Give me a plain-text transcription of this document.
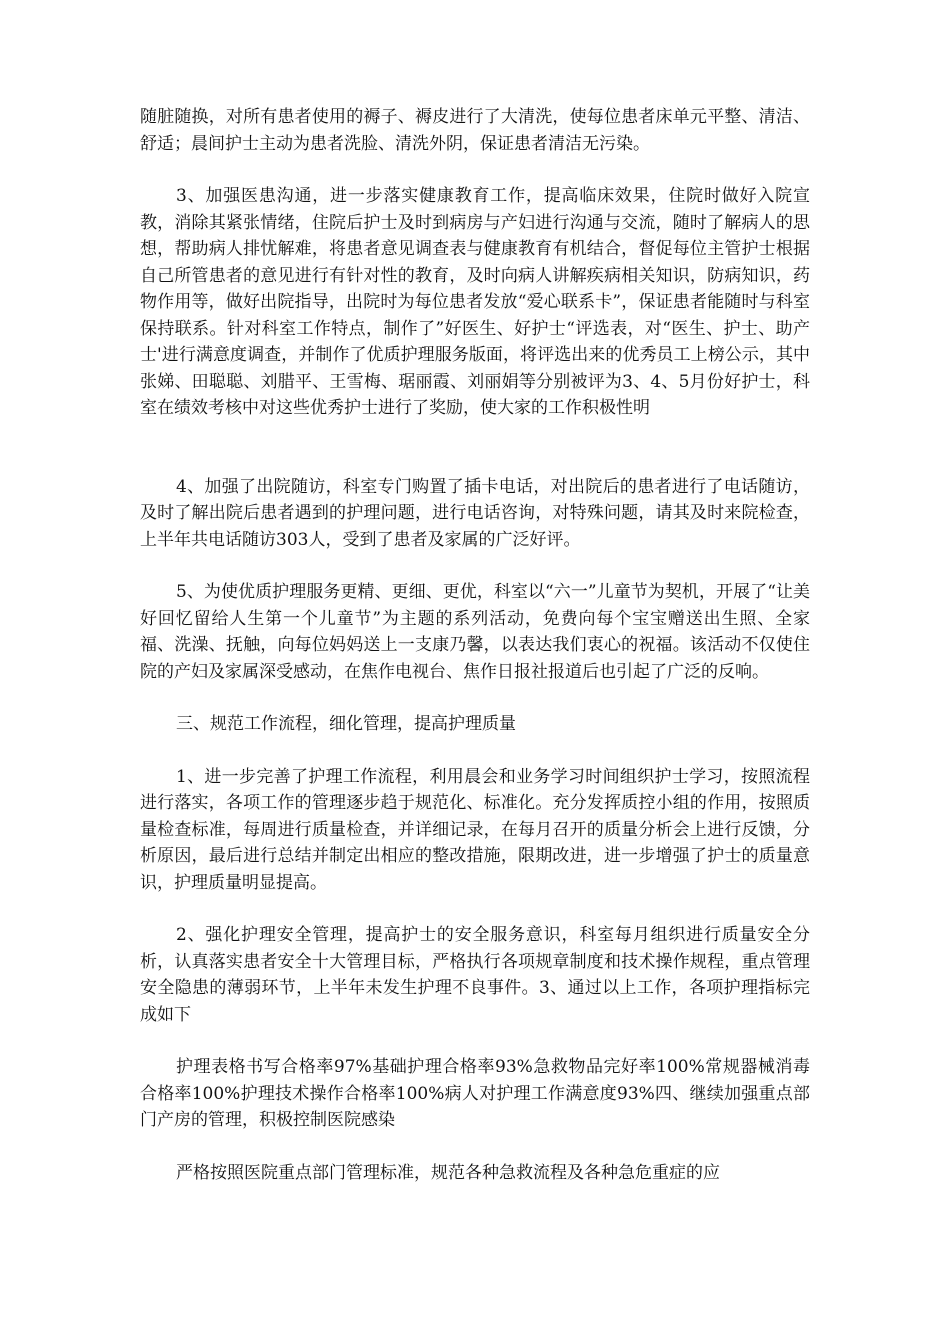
随脏随换，对所有患者使用的褥子、褥皮进行了大清洗，使每位患者床单元平整、清洁、舒适；晨间护士主动为患者洗脸、清洗外阴，保证患者清洁无污染。

3、加强医患沟通，进一步落实健康教育工作，提高临床效果，住院时做好入院宣教，消除其紧张情绪，住院后护士及时到病房与产妇进行沟通与交流，随时了解病人的思想，帮助病人排忧解难，将患者意见调查表与健康教育有机结合，督促每位主管护士根据自己所管患者的意见进行有针对性的教育，及时向病人讲解疾病相关知识，防病知识，药物作用等，做好出院指导，出院时为每位患者发放“爱心联系卡”，保证患者能随时与科室保持联系。针对科室工作特点，制作了”好医生、好护士“评选表，对“医生、护士、助产士'进行满意度调查，并制作了优质护理服务版面，将评选出来的优秀员工上榜公示，其中张娣、田聪聪、刘腊平、王雪梅、琚丽霞、刘丽娟等分别被评为3、4、5月份好护士，科室在绩效考核中对这些优秀护士进行了奖励，使大家的工作积极性明

4、加强了出院随访，科室专门购置了插卡电话，对出院后的患者进行了电话随访，及时了解出院后患者遇到的护理问题，进行电话咨询，对特殊问题，请其及时来院检查，上半年共电话随访303人，受到了患者及家属的广泛好评。

5、为使优质护理服务更精、更细、更优，科室以“六一”儿童节为契机，开展了“让美好回忆留给人生第一个儿童节”为主题的系列活动，免费向每个宝宝赠送出生照、全家福、洗澡、抚触，向每位妈妈送上一支康乃馨，以表达我们衷心的祝福。该活动不仅使住院的产妇及家属深受感动，在焦作电视台、焦作日报社报道后也引起了广泛的反响。

三、规范工作流程，细化管理，提高护理质量

1、进一步完善了护理工作流程，利用晨会和业务学习时间组织护士学习，按照流程进行落实，各项工作的管理逐步趋于规范化、标准化。充分发挥质控小组的作用，按照质量检查标准，每周进行质量检查，并详细记录，在每月召开的质量分析会上进行反馈，分析原因，最后进行总结并制定出相应的整改措施，限期改进，进一步增强了护士的质量意识，护理质量明显提高。

2、强化护理安全管理，提高护士的安全服务意识，科室每月组织进行质量安全分析，认真落实患者安全十大管理目标，严格执行各项规章制度和技术操作规程，重点管理安全隐患的薄弱环节，上半年未发生护理不良事件。3、通过以上工作，各项护理指标完成如下

护理表格书写合格率97%基础护理合格率93%急救物品完好率100%常规器械消毒合格率100%护理技术操作合格率100%病人对护理工作满意度93%四、继续加强重点部门产房的管理，积极控制医院感染

严格按照医院重点部门管理标准，规范各种急救流程及各种急危重症的应
